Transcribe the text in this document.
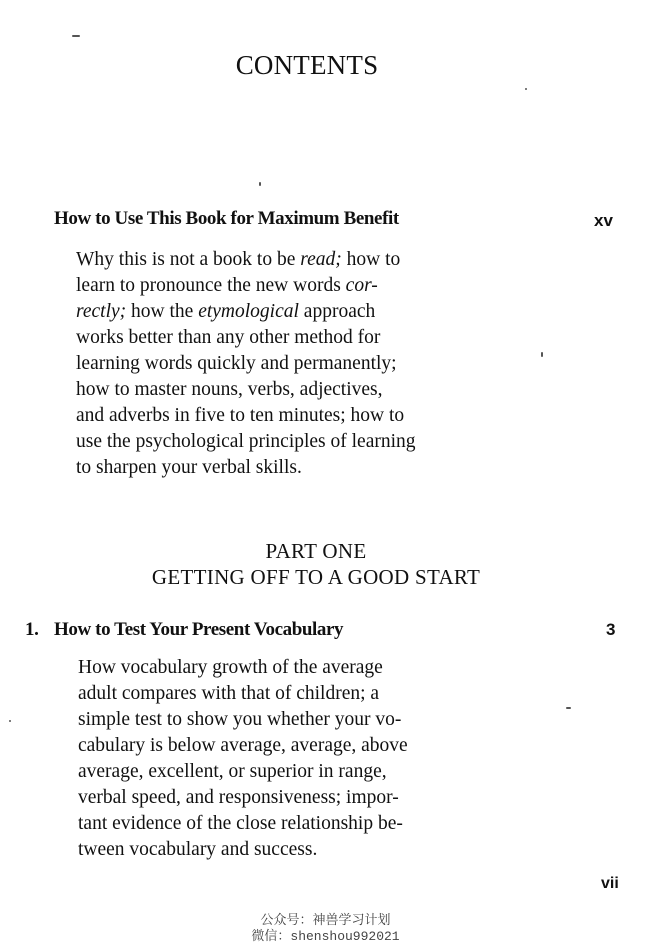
CONTENTS
How to Use This Book for Maximum Benefit	xv
Why this is not a book to be read; how to
learn to pronounce the new words cor-
rectly; how the etymological approach
works better than any other method for
learning words quickly and permanently;
how to master nouns, verbs, adjectives,
and adverbs in five to ten minutes; how to
use the psychological principles of learning
to sharpen your verbal skills.
PART ONE
GETTING OFF TO A GOOD START
1. How to Test Your Present Vocabulary	3
How vocabulary growth of the average
adult compares with that of children; a
simple test to show you whether your vo-
cabulary is below average, average, above
average, excellent, or superior in range,
verbal speed, and responsiveness; impor-
tant evidence of the close relationship be-
tween vocabulary and success.
vii
公众号：神兽学习计划
微信：shenshou992021
